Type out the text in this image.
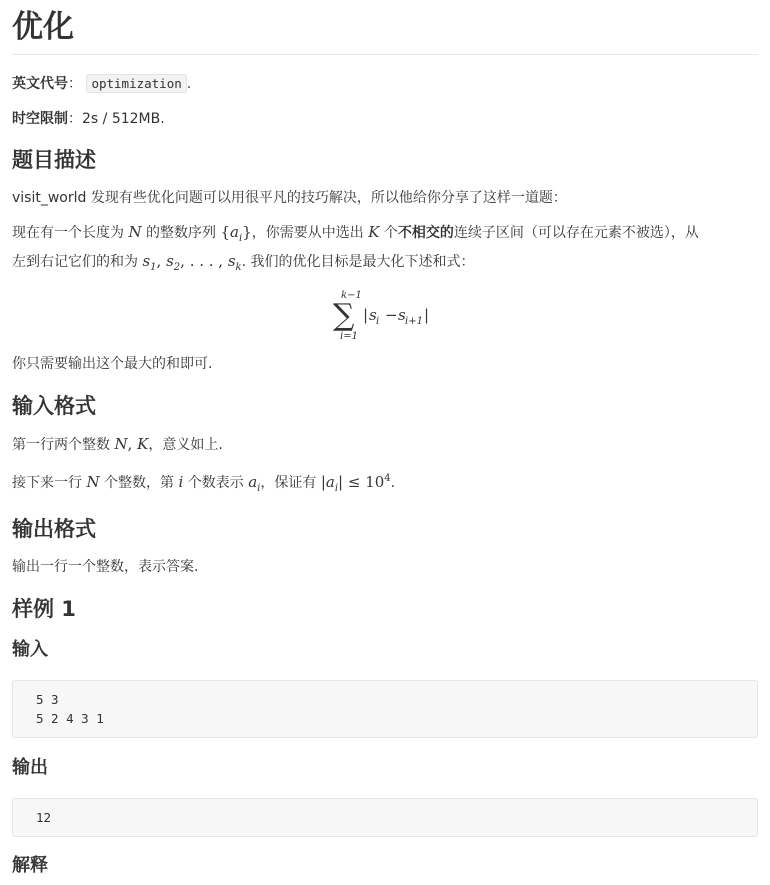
优化

英文代号： optimization .

时空限制：2s / 512MB.

题目描述

visit_world 发现有些优化问题可以用很平凡的技巧解决，所以他给你分享了这样一道题：

现在有一个长度为 N 的整数序列 $\{a_i\}$，你需要从中选出 K 个不相交的连续子区间（可以存在元素不被选），从
左到右记它们的和为 $s_1$, $s_2$, . . . , $s_k$. 我们的优化目标是最大化下述和式：

k−1
∑
i=1
| s i − s i+1 |

你只需要输出这个最大的和即可.

输入格式

第一行两个整数 N, K，意义如上.

接下来一行 N 个整数，第 i 个数表示 $a_i$，保证有 $|a_i| \le 10^4$.

输出格式

输出一行一个整数，表示答案.

样例 1
输入
5 3
5 2 4 3 1
输出
12
解释
